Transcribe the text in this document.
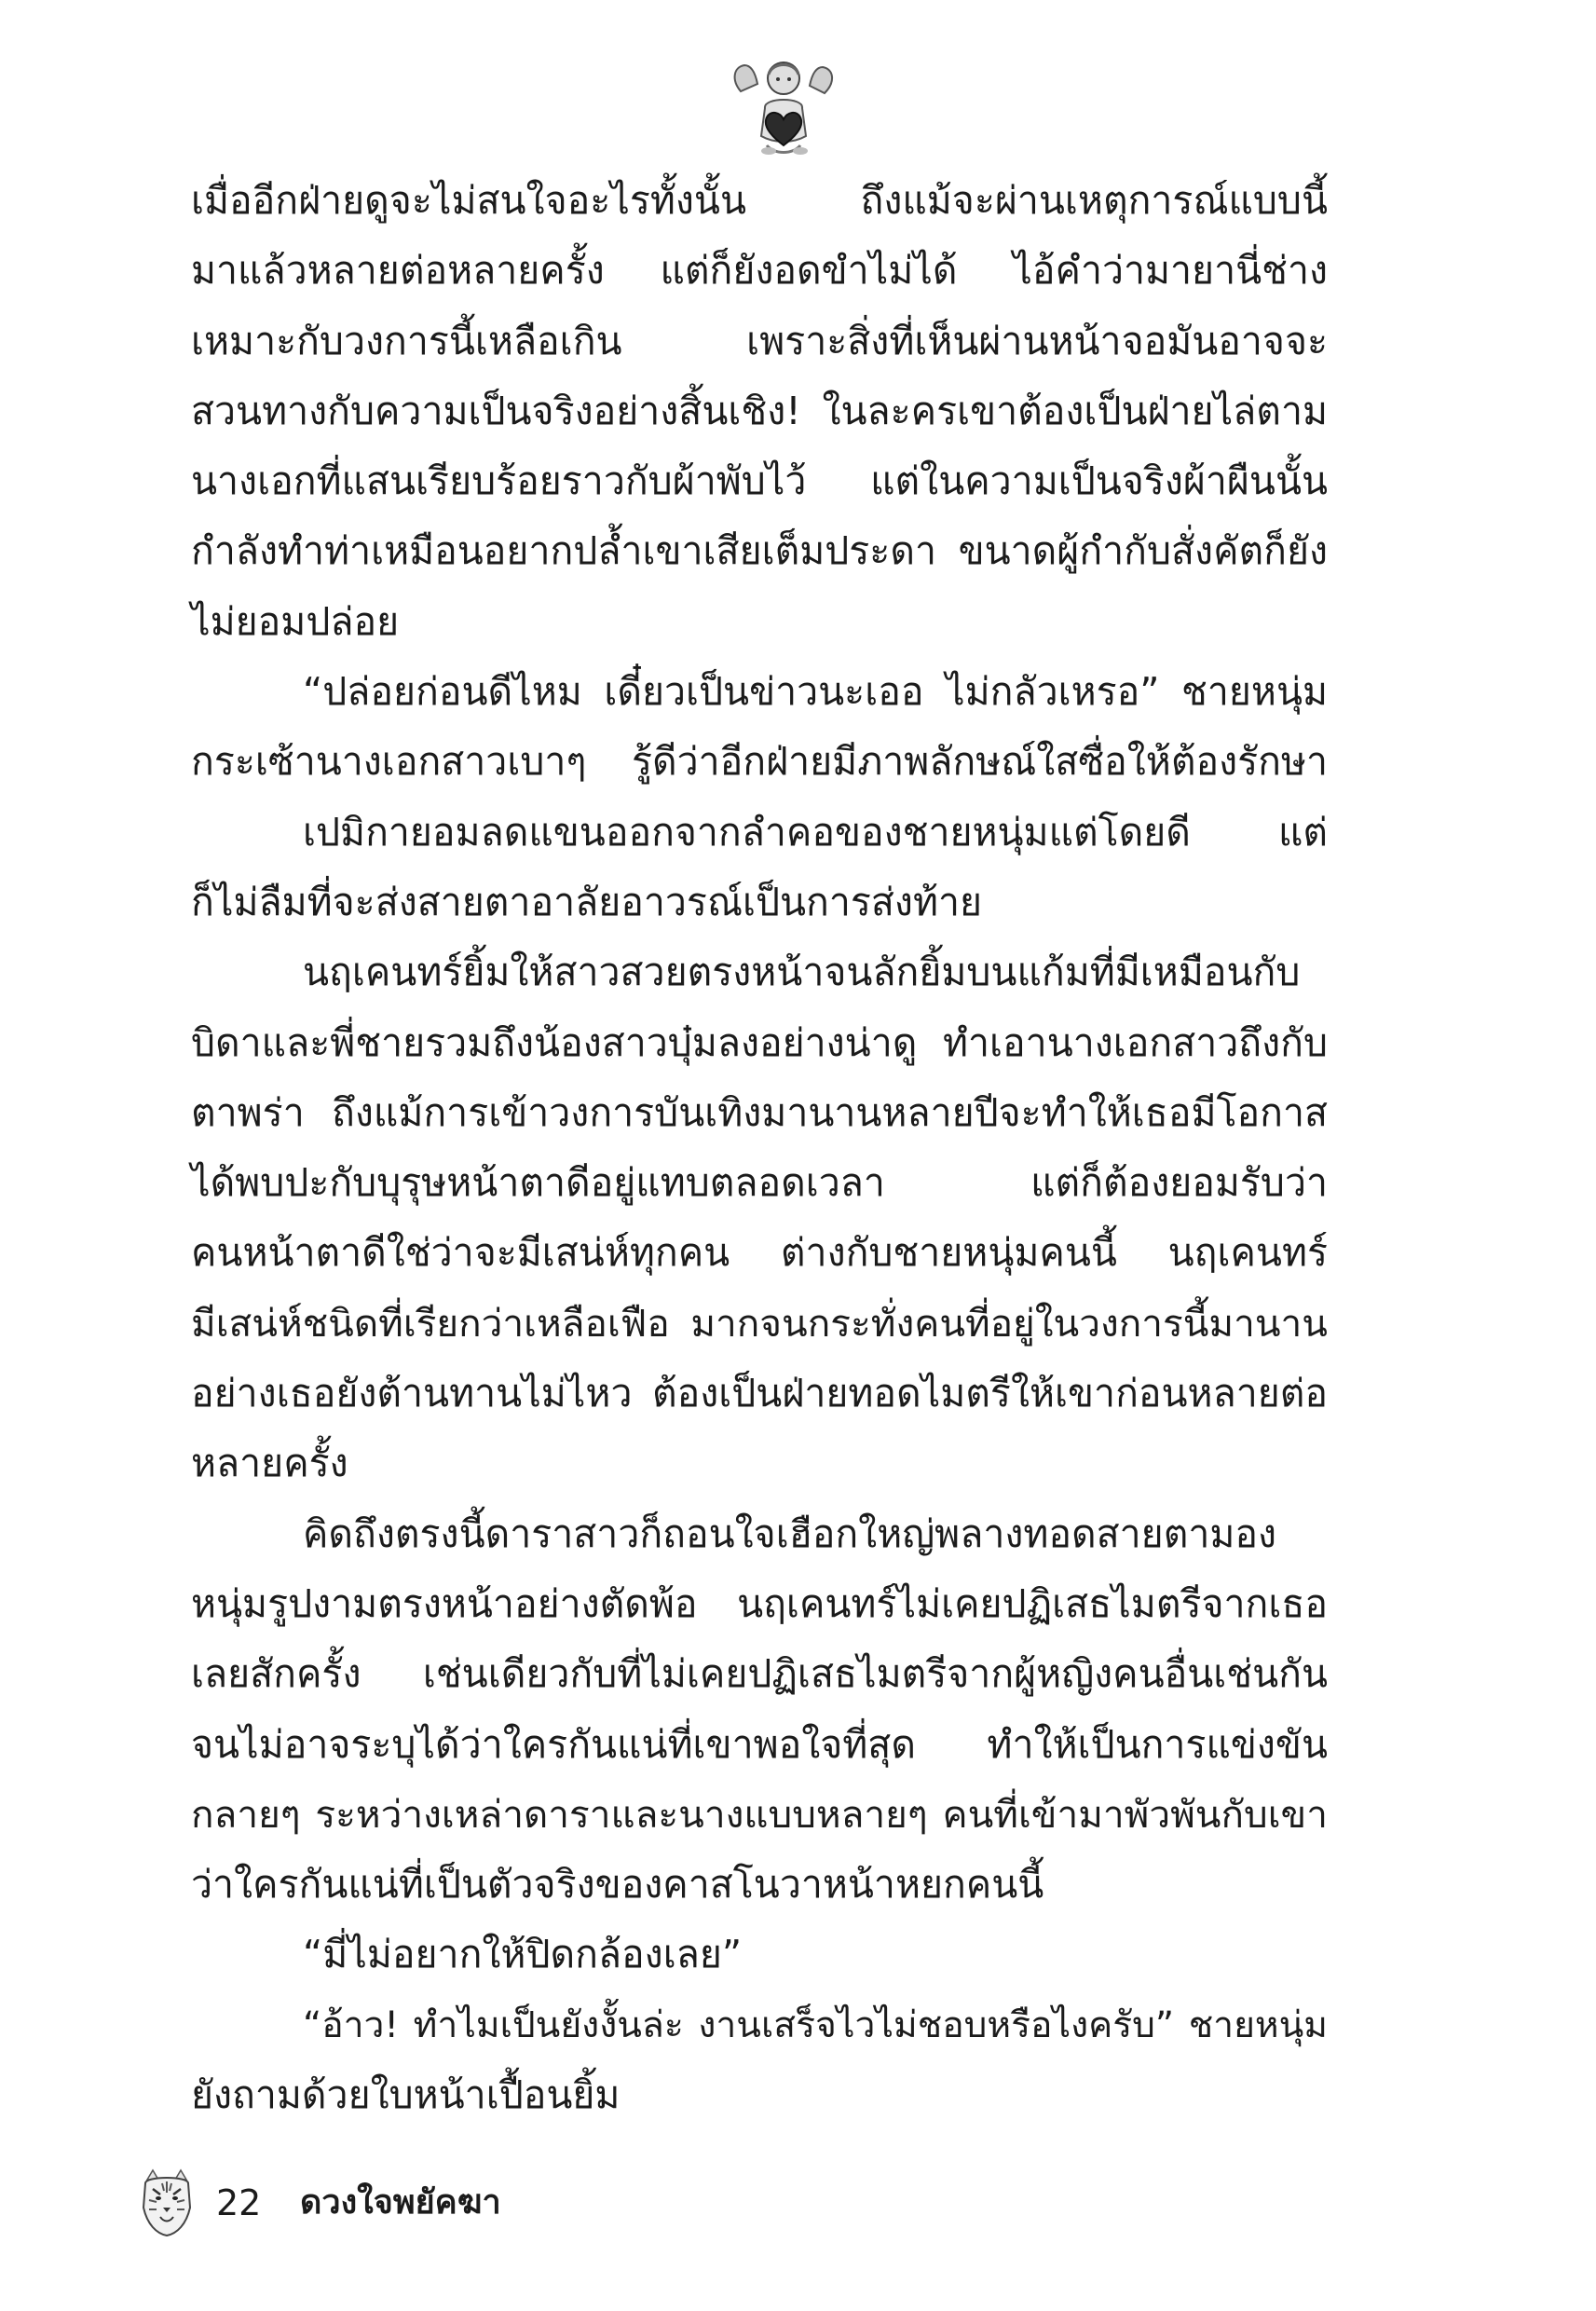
เมื่ออีกฝ่ายดูจะไม่สนใจอะไรทั้งนั้น ถึงแม้จะผ่านเหตุการณ์แบบนี้
มาแล้วหลายต่อหลายครั้ง แต่ก็ยังอดขำไม่ได้ ไอ้คำว่ามายานี่ช่าง
เหมาะกับวงการนี้เหลือเกิน เพราะสิ่งที่เห็นผ่านหน้าจอมันอาจจะ
สวนทางกับความเป็นจริงอย่างสิ้นเชิง! ในละครเขาต้องเป็นฝ่ายไล่ตาม
นางเอกที่แสนเรียบร้อยราวกับผ้าพับไว้ แต่ในความเป็นจริงผ้าผืนนั้น
กำลังทำท่าเหมือนอยากปล้ำเขาเสียเต็มประดา ขนาดผู้กำกับสั่งคัตก็ยัง
ไม่ยอมปล่อย
“ปล่อยก่อนดีไหม เดี๋ยวเป็นข่าวนะเออ ไม่กลัวเหรอ” ชายหนุ่ม
กระเซ้านางเอกสาวเบาๆ รู้ดีว่าอีกฝ่ายมีภาพลักษณ์ใสซื่อให้ต้องรักษา
เปมิกายอมลดแขนออกจากลำคอของชายหนุ่มแต่โดยดี แต่
ก็ไม่ลืมที่จะส่งสายตาอาลัยอาวรณ์เป็นการส่งท้าย
นฤเคนทร์ยิ้มให้สาวสวยตรงหน้าจนลักยิ้มบนแก้มที่มีเหมือนกับ
บิดาและพี่ชายรวมถึงน้องสาวบุ๋มลงอย่างน่าดู ทำเอานางเอกสาวถึงกับ
ตาพร่า ถึงแม้การเข้าวงการบันเทิงมานานหลายปีจะทำให้เธอมีโอกาส
ได้พบปะกับบุรุษหน้าตาดีอยู่แทบตลอดเวลา แต่ก็ต้องยอมรับว่า
คนหน้าตาดีใช่ว่าจะมีเสน่ห์ทุกคน ต่างกับชายหนุ่มคนนี้ นฤเคนทร์
มีเสน่ห์ชนิดที่เรียกว่าเหลือเฟือ มากจนกระทั่งคนที่อยู่ในวงการนี้มานาน
อย่างเธอยังต้านทานไม่ไหว ต้องเป็นฝ่ายทอดไมตรีให้เขาก่อนหลายต่อ
หลายครั้ง
คิดถึงตรงนี้ดาราสาวก็ถอนใจเฮือกใหญ่พลางทอดสายตามอง
หนุ่มรูปงามตรงหน้าอย่างตัดพ้อ นฤเคนทร์ไม่เคยปฏิเสธไมตรีจากเธอ
เลยสักครั้ง เช่นเดียวกับที่ไม่เคยปฏิเสธไมตรีจากผู้หญิงคนอื่นเช่นกัน
จนไม่อาจระบุได้ว่าใครกันแน่ที่เขาพอใจที่สุด ทำให้เป็นการแข่งขัน
กลายๆ ระหว่างเหล่าดาราและนางแบบหลายๆ คนที่เข้ามาพัวพันกับเขา
ว่าใครกันแน่ที่เป็นตัวจริงของคาสโนวาหน้าหยกคนนี้
“มี่ไม่อยากให้ปิดกล้องเลย”
“อ้าว! ทำไมเป็นยังงั้นล่ะ งานเสร็จไวไม่ชอบหรือไงครับ” ชายหนุ่ม
ยังถามด้วยใบหน้าเปื้อนยิ้ม
22 ดวงใจพยัคฆา
